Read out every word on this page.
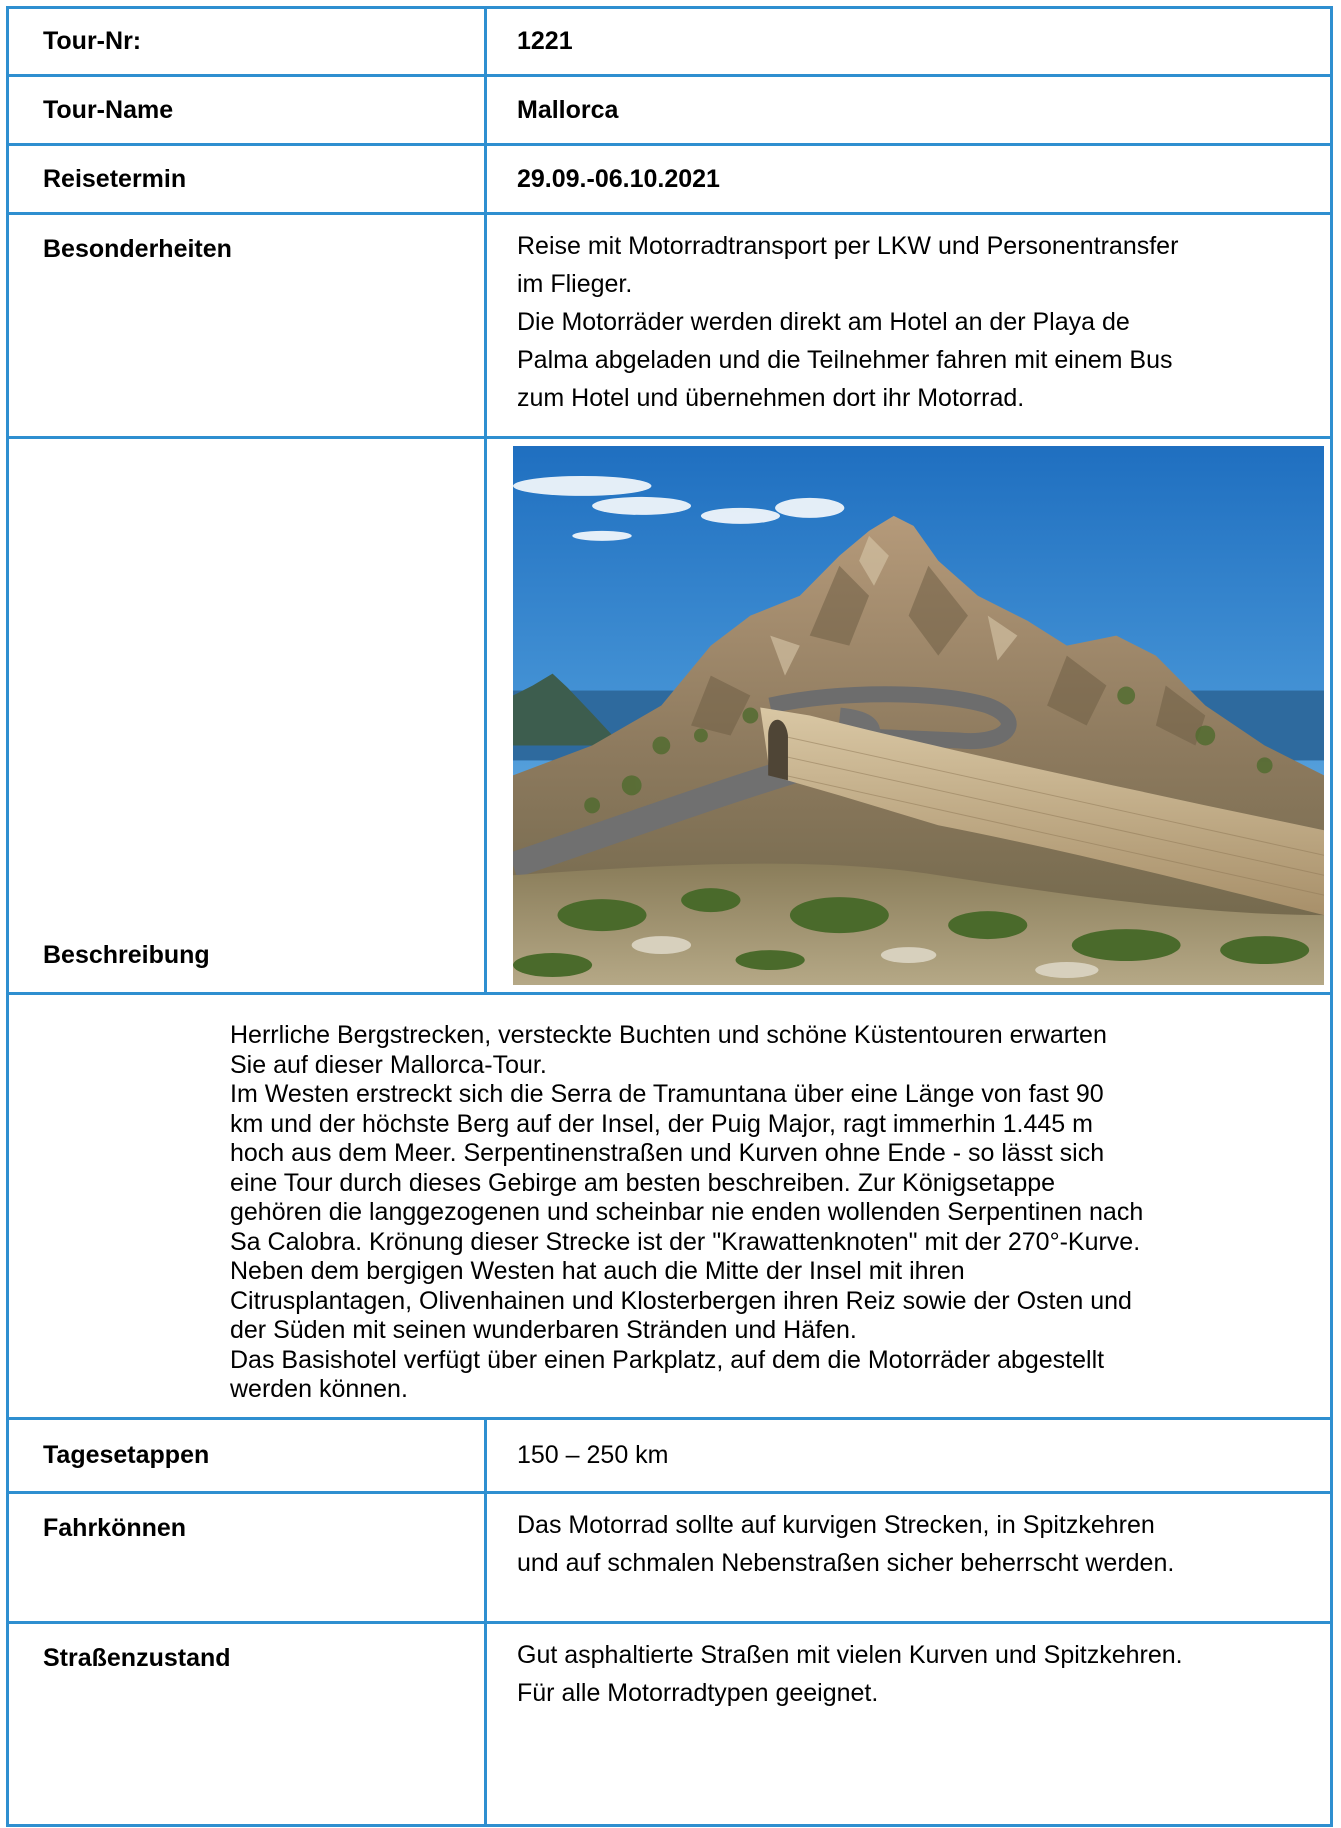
Tour-Nr:	1221
Tour-Name	Mallorca
Reisetermin	29.09.-06.10.2021
Besonderheiten	Reise mit Motorradtransport per LKW und Personentransfer
im Flieger.
Die Motorräder werden direkt am Hotel an der Playa de
Palma abgeladen und die Teilnehmer fahren mit einem Bus
zum Hotel und übernehmen dort ihr Motorrad.
Beschreibung

Herrliche Bergstrecken, versteckte Buchten und schöne Küstentouren erwarten

Sie auf dieser Mallorca-Tour.

Im Westen erstreckt sich die Serra de Tramuntana über eine Länge von fast 90

km und der höchste Berg auf der Insel, der Puig Major, ragt immerhin 1.445 m

hoch aus dem Meer. Serpentinenstraßen und Kurven ohne Ende - so lässt sich

eine Tour durch dieses Gebirge am besten beschreiben. Zur Königsetappe

gehören die langgezogenen und scheinbar nie enden wollenden Serpentinen nach

Sa Calobra. Krönung dieser Strecke ist der "Krawattenknoten" mit der 270°-Kurve.

Neben dem bergigen Westen hat auch die Mitte der Insel mit ihren

Citrusplantagen, Olivenhainen und Klosterbergen ihren Reiz sowie der Osten und

der Süden mit seinen wunderbaren Stränden und Häfen.

Das Basishotel verfügt über einen Parkplatz, auf dem die Motorräder abgestellt

werden können.

Tagesetappen	150 – 250 km
Fahrkönnen	Das Motorrad sollte auf kurvigen Strecken, in Spitzkehren
und auf schmalen Nebenstraßen sicher beherrscht werden.
Straßenzustand	Gut asphaltierte Straßen mit vielen Kurven und Spitzkehren.
Für alle Motorradtypen geeignet.
